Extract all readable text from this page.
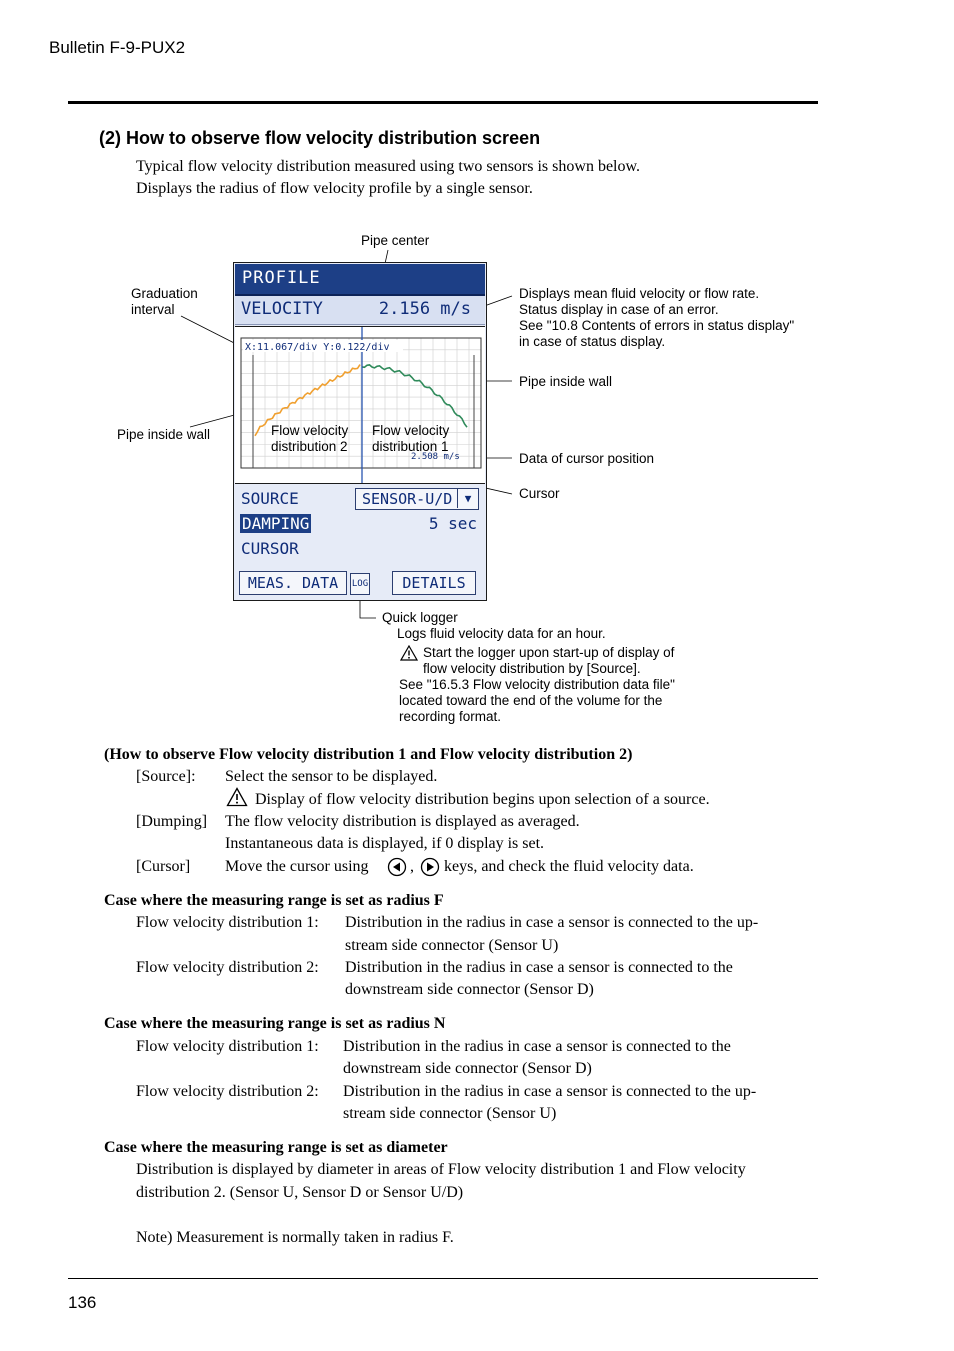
Bulletin F-9-PUX2
(2) How to observe flow velocity distribution screen
Typical flow velocity distribution measured using two sensors is shown below.
Displays the radius of flow velocity profile by a single sensor.
PROFILE
VELOCITY	2.156 m/s
X:11.067/div Y:0.122/div
2.508 m/s
SOURCE	SENSOR-U/D	▼
DAMPING	5 sec
CURSOR
MEAS. DATA	LOG	DETAILS
Pipe center
Graduation
interval
Pipe inside wall
Displays mean fluid velocity or flow rate.
Status display in case of an error.
See "10.8 Contents of errors in status display"
in case of status display.
Pipe inside wall
Flow velocity
distribution 2
Flow velocity
distribution 1
Data of cursor position
Cursor
Quick logger
Logs fluid velocity data for an hour.
Start the logger upon start-up of display of
flow velocity distribution by [Source].
See "16.5.3 Flow velocity distribution data file"
located toward the end of the volume for the
recording format.
(How to observe Flow velocity distribution 1 and Flow velocity distribution 2)
[Source]: Select the sensor to be displayed.
Display of flow velocity distribution begins upon selection of a source.
[Dumping] The flow velocity distribution is displayed as averaged.
Instantaneous data is displayed, if 0 display is set.
[Cursor] Move the cursor using	, keys, and check the fluid velocity data.
Case where the measuring range is set as radius F
Flow velocity distribution 1: Distribution in the radius in case a sensor is connected to the up-
stream side connector (Sensor U)
Flow velocity distribution 2: Distribution in the radius in case a sensor is connected to the
downstream side connector (Sensor D)
Case where the measuring range is set as radius N
Flow velocity distribution 1: Distribution in the radius in case a sensor is connected to the
downstream side connector (Sensor D)
Flow velocity distribution 2: Distribution in the radius in case a sensor is connected to the up-
stream side connector (Sensor U)
Case where the measuring range is set as diameter
Distribution is displayed by diameter in areas of Flow velocity distribution 1 and Flow velocity
distribution 2. (Sensor U, Sensor D or Sensor U/D)
Note) Measurement is normally taken in radius F.
136
